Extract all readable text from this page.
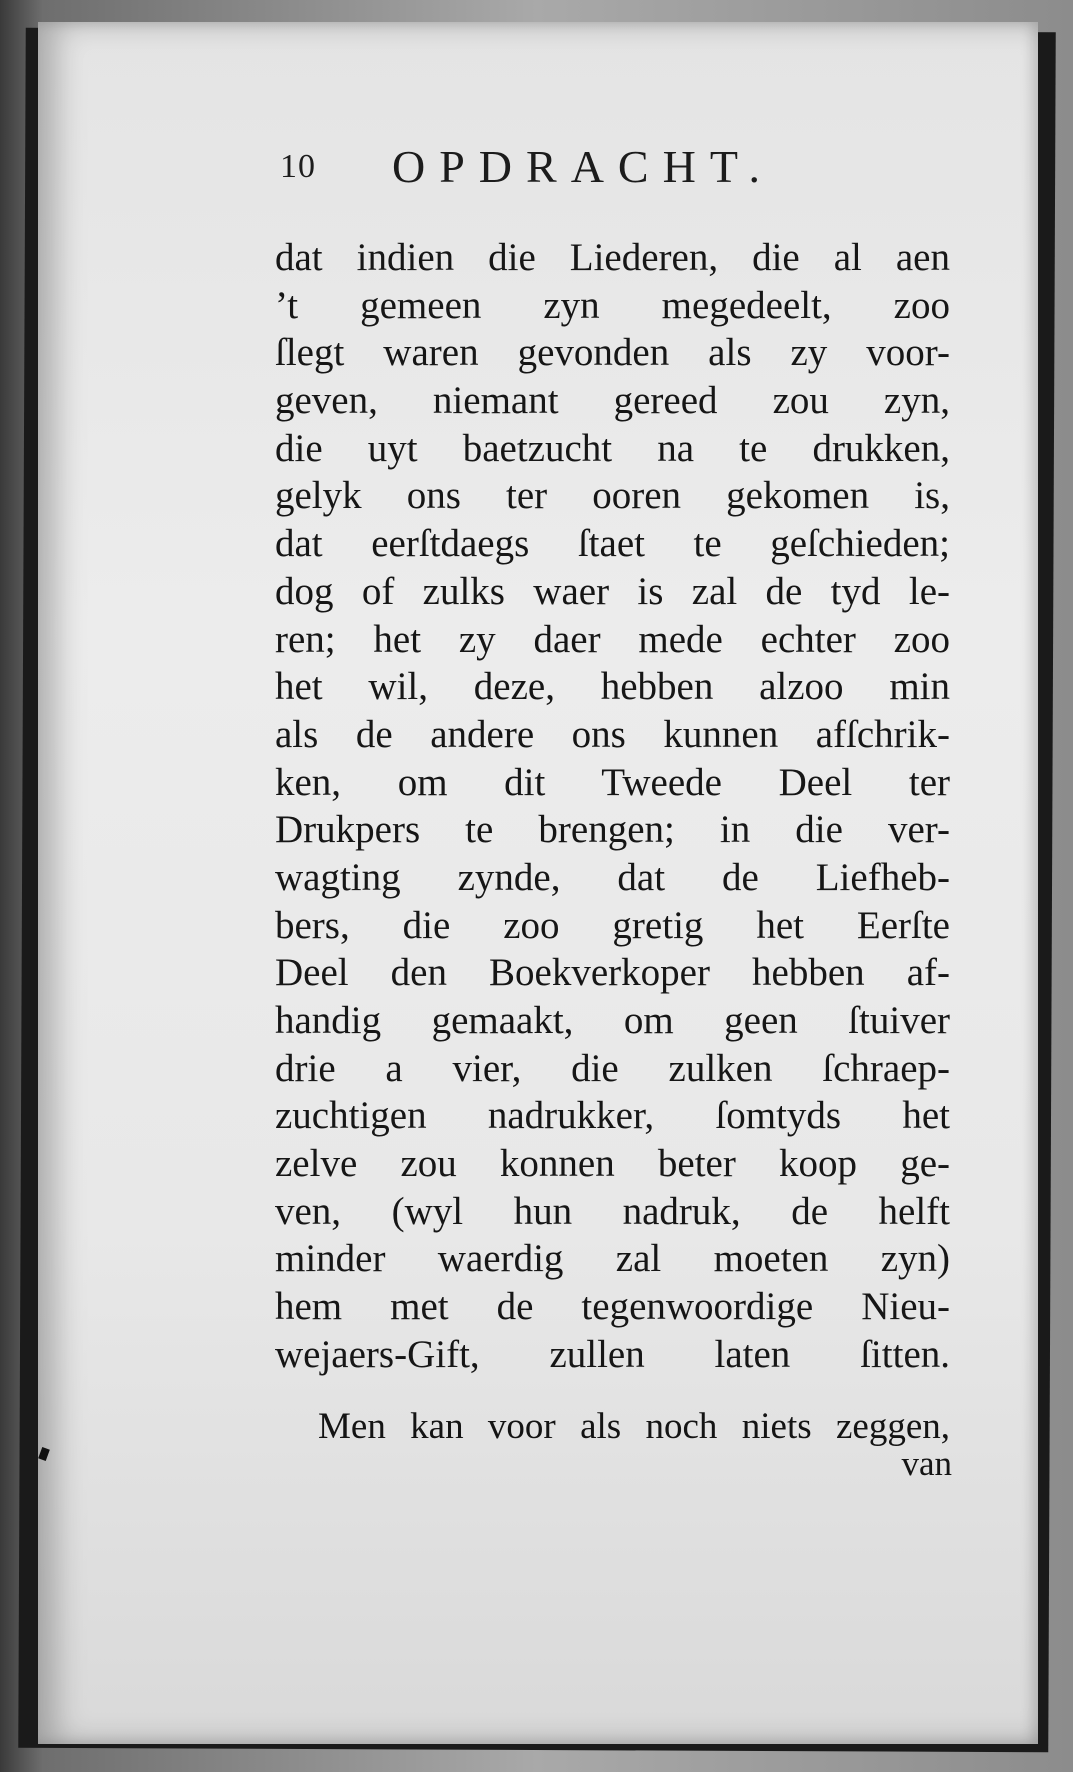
10 OPDRACHT.
dat indien die Liederen, die al aen
’t gemeen zyn megedeelt, zoo
ſlegt waren gevonden als zy voor-
geven, niemant gereed zou zyn,
die uyt baetzucht na te drukken,
gelyk ons ter ooren gekomen is,
dat eerſtdaegs ſtaet te geſchieden;
dog of zulks waer is zal de tyd le-
ren; het zy daer mede echter zoo
het wil, deze, hebben alzoo min
als de andere ons kunnen afſchrik-
ken, om dit Tweede Deel ter
Drukpers te brengen; in die ver-
wagting zynde, dat de Liefheb-
bers, die zoo gretig het Eerſte
Deel den Boekverkoper hebben af-
handig gemaakt, om geen ſtuiver
drie a vier, die zulken ſchraep-
zuchtigen nadrukker, ſomtyds het
zelve zou konnen beter koop ge-
ven, (wyl hun nadruk, de helft
minder waerdig zal moeten zyn)
hem met de tegenwoordige Nieu-
wejaers-Gift, zullen laten ſitten.
Men kan voor als noch niets zeggen,
van
